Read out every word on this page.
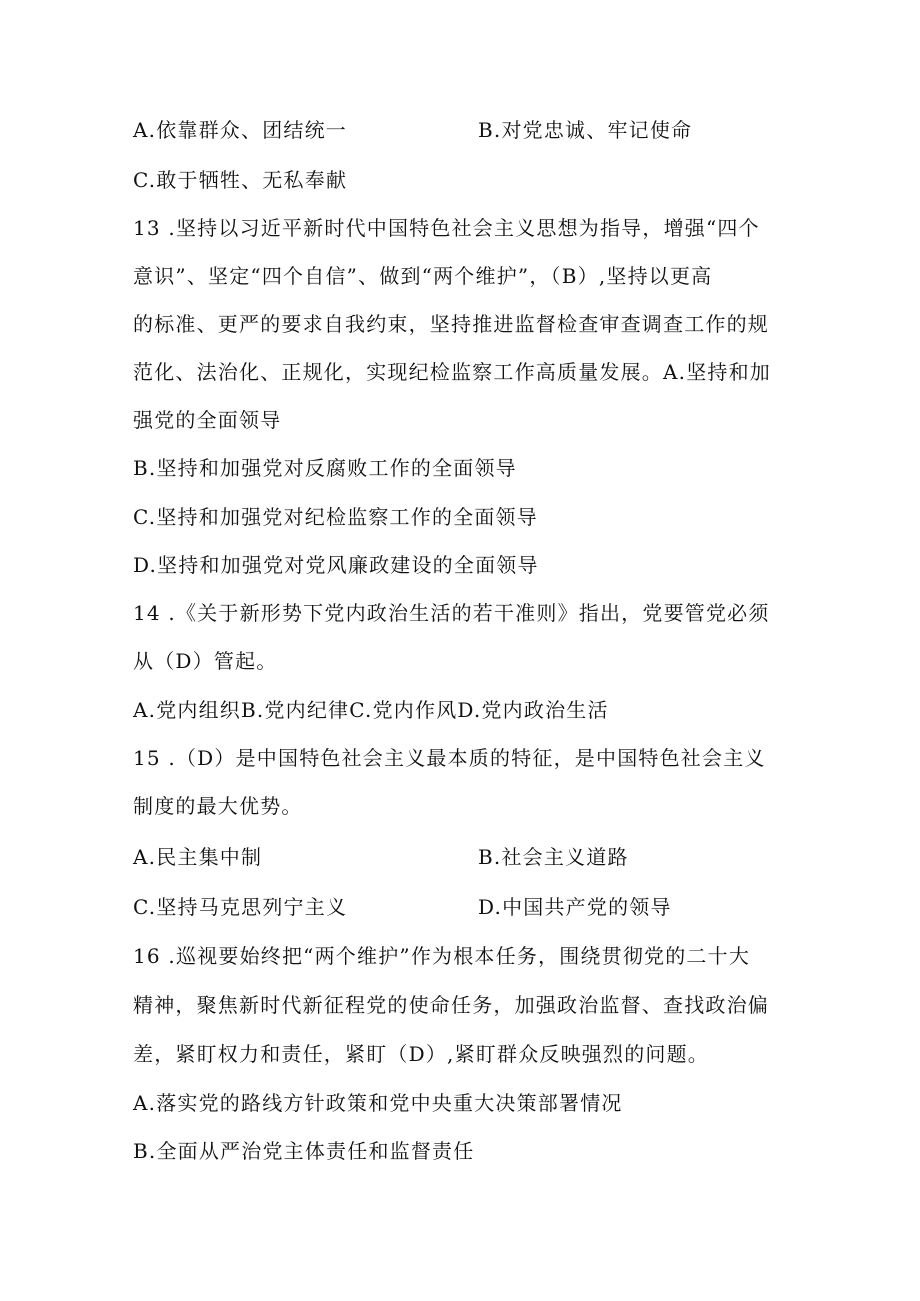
A.依靠群众、团结统一	B.对党忠诚、牢记使命
C.敢于牺牲、无私奉献
13 .坚持以习近平新时代中国特色社会主义思想为指导，增强“四个
意识”、坚定“四个自信”、做到“两个维护”，（B）,坚持以更高
的标准、更严的要求自我约束，坚持推进监督检查审查调查工作的规
范化、法治化、正规化，实现纪检监察工作高质量发展。A.坚持和加
强党的全面领导
B.坚持和加强党对反腐败工作的全面领导
C.坚持和加强党对纪检监察工作的全面领导
D.坚持和加强党对党风廉政建设的全面领导
14 .《关于新形势下党内政治生活的若干准则》指出，党要管党必须
从（D）管起。
A.党内组织B.党内纪律C.党内作风D.党内政治生活
15 .（D）是中国特色社会主义最本质的特征，是中国特色社会主义
制度的最大优势。
A.民主集中制	B.社会主义道路
C.坚持马克思列宁主义	D.中国共产党的领导
16 .巡视要始终把“两个维护”作为根本任务，围绕贯彻党的二十大
精神，聚焦新时代新征程党的使命任务，加强政治监督、查找政治偏
差，紧盯权力和责任，紧盯（D）,紧盯群众反映强烈的问题。
A.落实党的路线方针政策和党中央重大决策部署情况
B.全面从严治党主体责任和监督责任
